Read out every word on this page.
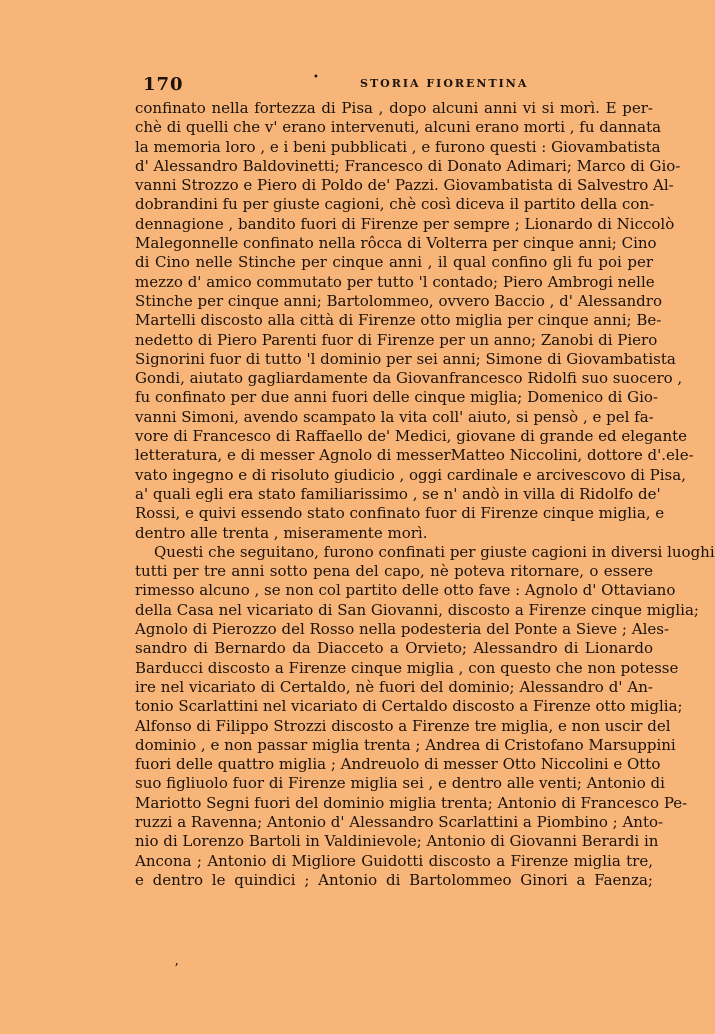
170	•	STORIA FIORENTINA
confinato nella fortezza di Pisa , dopo alcuni anni vi si morì. E per-
chè di quelli che v' erano intervenuti, alcuni erano morti , fu dannata
la memoria loro , e i beni pubblicati , e furono questi : Giovambatista
d' Alessandro Baldovinetti; Francesco di Donato Adimari; Marco di Gio-
vanni Strozzo e Piero di Poldo de' Pazzi. Giovambatista di Salvestro Al-
dobrandini fu per giuste cagioni, chè così diceva il partito della con-
dennagione , bandito fuori di Firenze per sempre ; Lionardo di Niccolò
Malegonnelle confinato nella rôcca di Volterra per cinque anni; Cino
di Cino nelle Stinche per cinque anni , il qual confino gli fu poi per
mezzo d' amico commutato per tutto 'l contado; Piero Ambrogi nelle
Stinche per cinque anni; Bartolommeo, ovvero Baccio , d' Alessandro
Martelli discosto alla città di Firenze otto miglia per cinque anni; Be-
nedetto di Piero Parenti fuor di Firenze per un anno; Zanobi di Piero
Signorini fuor di tutto 'l dominio per sei anni; Simone di Giovambatista
Gondi, aiutato gagliardamente da Giovanfrancesco Ridolfi suo suocero ,
fu confinato per due anni fuori delle cinque miglia; Domenico di Gio-
vanni Simoni, avendo scampato la vita coll' aiuto, si pensò , e pel fa-
vore di Francesco di Raffaello de' Medici, giovane di grande ed elegante
letteratura, e di messer Agnolo di messerMatteo Niccolini, dottore d'.ele-
vato ingegno e di risoluto giudicio , oggi cardinale e arcivescovo di Pisa,
a' quali egli era stato familiarissimo , se n' andò in villa di Ridolfo de'
Rossi, e quivi essendo stato confinato fuor di Firenze cinque miglia, e
dentro alle trenta , miseramente morì.
Questi che seguitano, furono confinati per giuste cagioni in diversi luoghi
tutti per tre anni sotto pena del capo, nè poteva ritornare, o essere
rimesso alcuno , se non col partito delle otto fave : Agnolo d' Ottaviano
della Casa nel vicariato di San Giovanni, discosto a Firenze cinque miglia;
Agnolo di Pierozzo del Rosso nella podesteria del Ponte a Sieve ; Ales-
sandro di Bernardo da Diacceto a Orvieto; Alessandro di Lionardo
Barducci discosto a Firenze cinque miglia , con questo che non potesse
ire nel vicariato di Certaldo, nè fuori del dominio; Alessandro d' An-
tonio Scarlattini nel vicariato di Certaldo discosto a Firenze otto miglia;
Alfonso di Filippo Strozzi discosto a Firenze tre miglia, e non uscir del
dominio , e non passar miglia trenta ; Andrea di Cristofano Marsuppini
fuori delle quattro miglia ; Andreuolo di messer Otto Niccolini e Otto
suo figliuolo fuor di Firenze miglia sei , e dentro alle venti; Antonio di
Mariotto Segni fuori del dominio miglia trenta; Antonio di Francesco Pe-
ruzzi a Ravenna; Antonio d' Alessandro Scarlattini a Piombino ; Anto-
nio di Lorenzo Bartoli in Valdinievole; Antonio di Giovanni Berardi in
Ancona ; Antonio di Migliore Guidotti discosto a Firenze miglia tre,
e dentro le quindici ; Antonio di Bartolommeo Ginori a Faenza;
ʼ
